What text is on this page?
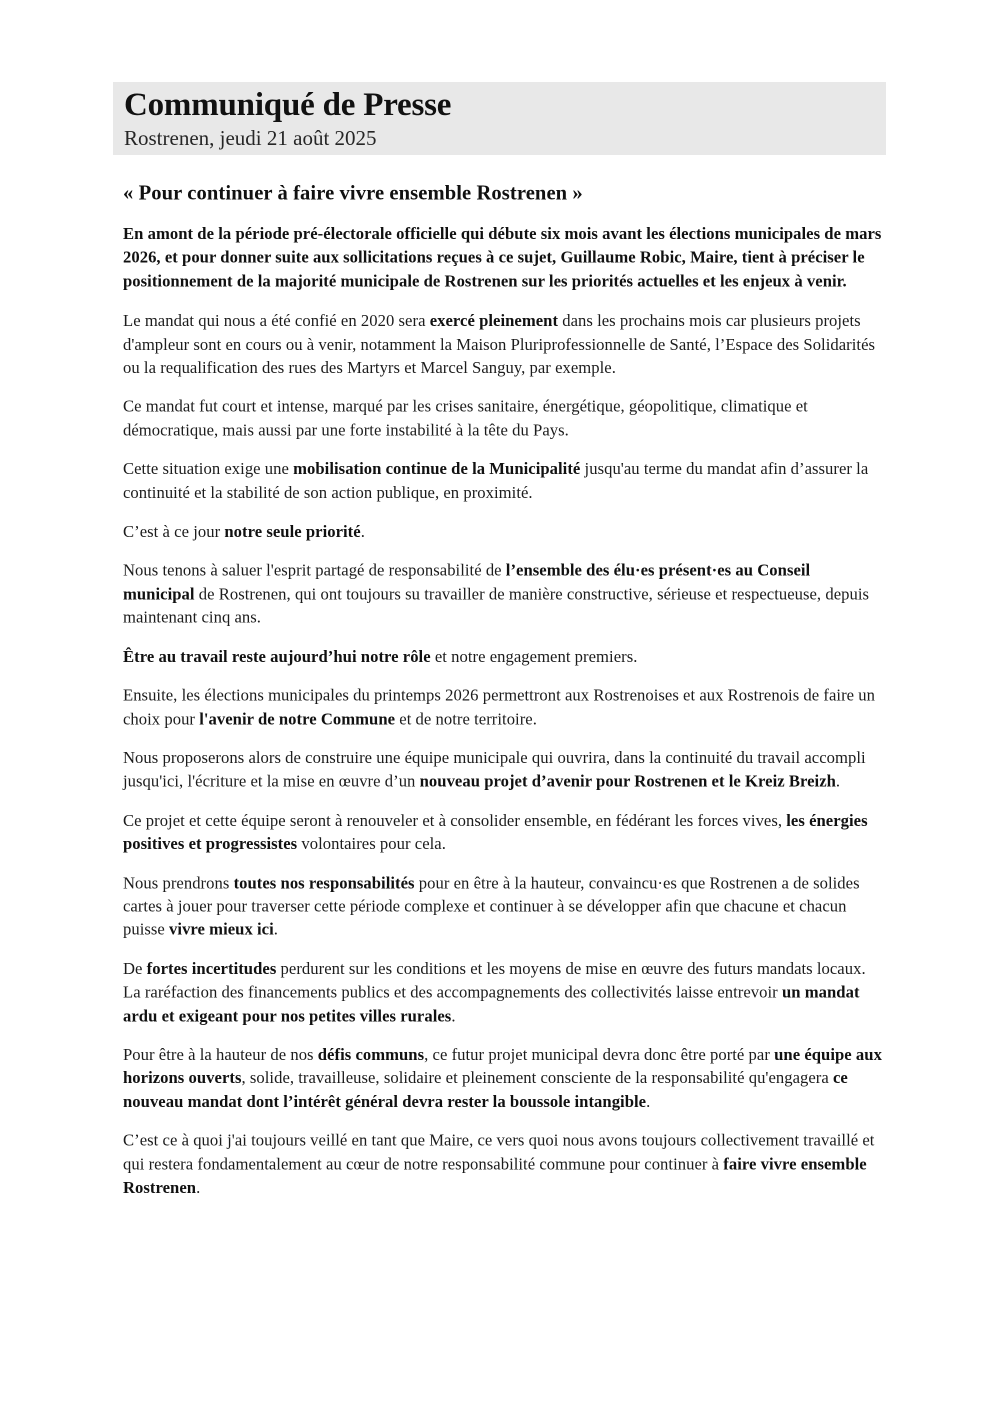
Communiqué de Presse
Rostrenen, jeudi 21 août 2025
« Pour continuer à faire vivre ensemble Rostrenen »

En amont de la période pré-électorale officielle qui débute six mois avant les élections municipales de mars 2026, et pour donner suite aux sollicitations reçues à ce sujet, Guillaume Robic, Maire, tient à préciser le positionnement de la majorité municipale de Rostrenen sur les priorités actuelles et les enjeux à venir.

Le mandat qui nous a été confié en 2020 sera exercé pleinement dans les prochains mois car plusieurs projets d'ampleur sont en cours ou à venir, notamment la Maison Pluriprofessionnelle de Santé, l’Espace des Solidarités ou la requalification des rues des Martyrs et Marcel Sanguy, par exemple.

Ce mandat fut court et intense, marqué par les crises sanitaire, énergétique, géopolitique, climatique et démocratique, mais aussi par une forte instabilité à la tête du Pays.

Cette situation exige une mobilisation continue de la Municipalité jusqu'au terme du mandat afin d’assurer la continuité et la stabilité de son action publique, en proximité.

C’est à ce jour notre seule priorité.

Nous tenons à saluer l'esprit partagé de responsabilité de l’ensemble des élu·es présent·es au Conseil municipal de Rostrenen, qui ont toujours su travailler de manière constructive, sérieuse et respectueuse, depuis maintenant cinq ans.

Être au travail reste aujourd’hui notre rôle et notre engagement premiers.

Ensuite, les élections municipales du printemps 2026 permettront aux Rostrenoises et aux Rostrenois de faire un choix pour l'avenir de notre Commune et de notre territoire.

Nous proposerons alors de construire une équipe municipale qui ouvrira, dans la continuité du travail accompli jusqu'ici, l'écriture et la mise en œuvre d’un nouveau projet d’avenir pour Rostrenen et le Kreiz Breizh.

Ce projet et cette équipe seront à renouveler et à consolider ensemble, en fédérant les forces vives, les énergies positives et progressistes volontaires pour cela.

Nous prendrons toutes nos responsabilités pour en être à la hauteur, convaincu·es que Rostrenen a de solides cartes à jouer pour traverser cette période complexe et continuer à se développer afin que chacune et chacun puisse vivre mieux ici.

De fortes incertitudes perdurent sur les conditions et les moyens de mise en œuvre des futurs mandats locaux. La raréfaction des financements publics et des accompagnements des collectivités laisse entrevoir un mandat ardu et exigeant pour nos petites villes rurales.

Pour être à la hauteur de nos défis communs, ce futur projet municipal devra donc être porté par une équipe aux horizons ouverts, solide, travailleuse, solidaire et pleinement consciente de la responsabilité qu'engagera ce nouveau mandat dont l’intérêt général devra rester la boussole intangible.

C’est ce à quoi j'ai toujours veillé en tant que Maire, ce vers quoi nous avons toujours collectivement travaillé et qui restera fondamentalement au cœur de notre responsabilité commune pour continuer à faire vivre ensemble Rostrenen.
